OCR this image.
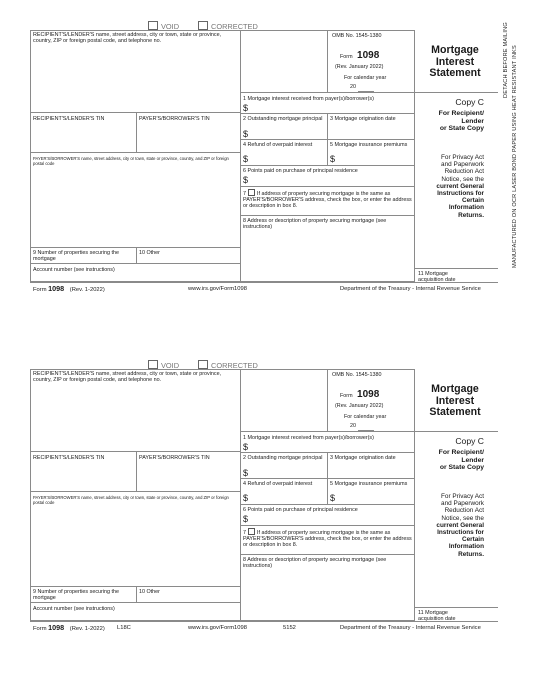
VOID	CORRECTED
RECIPIENT'S/LENDER'S name, street address, city or town, state or province, country, ZIP or foreign postal code, and telephone no.
RECIPIENT'S/LENDER'S TIN	PAYER'S/BORROWER'S TIN
PAYER'S/BORROWER'S name, street address, city or town, state or province, country, and ZIP or foreign postal code
9 Number of properties securing the mortgage
10 Other
Account number (see instructions)
OMB No. 1545-1380
Form 1098
(Rev. January 2022)
For calendar year
20
Mortgage
Interest
Statement
1 Mortgage interest received from payer(s)/borrower(s)
$
2 Outstanding mortgage principal
$
3 Mortgage origination date
4 Refund of overpaid interest
$
5 Mortgage insurance premiums
$
6 Points paid on purchase of principal residence
$
7 If address of property securing mortgage is the same as PAYER'S/BORROWER'S address, check the box, or enter the address or description in box 8.
8 Address or description of property securing mortgage (see instructions)
Copy C
For Recipient/
Lender
or State Copy
For Privacy Act
and Paperwork
Reduction Act
Notice, see the
current General
Instructions for
Certain
Information
Returns.
11 Mortgage acquisition date
DETACH BEFORE MAILING MANUFACTURED ON OCR LASER BOND PAPER USING HEAT RESISTANT INKS
Form 1098 (Rev. 1-2022)	www.irs.gov/Form1098	Department of the Treasury - Internal Revenue Service
VOID	CORRECTED
RECIPIENT'S/LENDER'S name, street address, city or town, state or province, country, ZIP or foreign postal code, and telephone no.
RECIPIENT'S/LENDER'S TIN	PAYER'S/BORROWER'S TIN
PAYER'S/BORROWER'S name, street address, city or town, state or province, country, and ZIP or foreign postal code
9 Number of properties securing the mortgage
10 Other
Account number (see instructions)
OMB No. 1545-1380
Form 1098
(Rev. January 2022)
For calendar year
20
Mortgage
Interest
Statement
1 Mortgage interest received from payer(s)/borrower(s)
$
2 Outstanding mortgage principal
$
3 Mortgage origination date
4 Refund of overpaid interest
$
5 Mortgage insurance premiums
$
6 Points paid on purchase of principal residence
$
7 If address of property securing mortgage is the same as PAYER'S/BORROWER'S address, check the box, or enter the address or description in box 8.
8 Address or description of property securing mortgage (see instructions)
Copy C
For Recipient/
Lender
or State Copy
For Privacy Act
and Paperwork
Reduction Act
Notice, see the
current General
Instructions for
Certain
Information
Returns.
11 Mortgage acquisition date
Form 1098 (Rev. 1-2022) L18C	www.irs.gov/Form1098	5152	Department of the Treasury - Internal Revenue Service
